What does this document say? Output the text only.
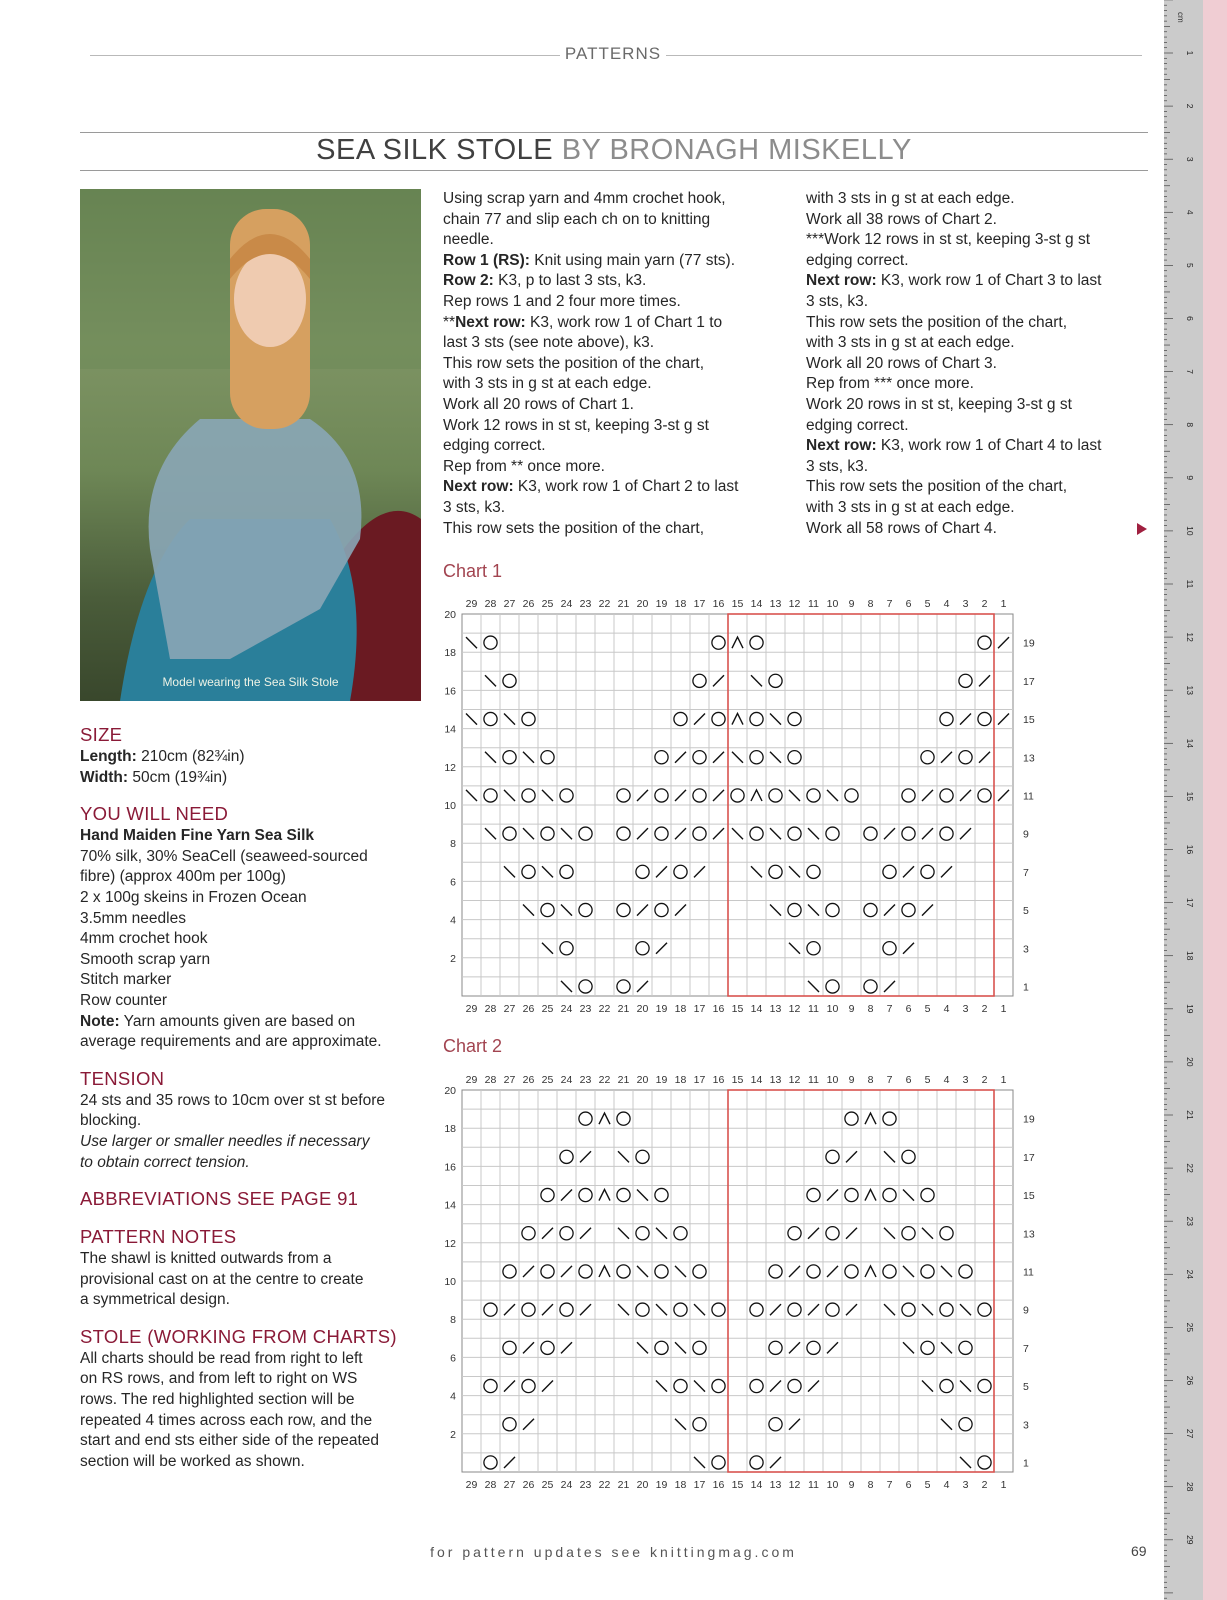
PATTERNS
SEA SILK STOLE BY BRONAGH MISKELLY
Model wearing the Sea Silk Stole
SIZE
Length: 210cm (82¾in)
Width: 50cm (19¾in)
YOU WILL NEED
Hand Maiden Fine Yarn Sea Silk
70% silk, 30% SeaCell (seaweed-sourced
fibre) (approx 400m per 100g)
2 x 100g skeins in Frozen Ocean
3.5mm needles
4mm crochet hook
Smooth scrap yarn
Stitch marker
Row counter
Note: Yarn amounts given are based on
average requirements and are approximate.
TENSION
24 sts and 35 rows to 10cm over st st before
blocking.
Use larger or smaller needles if necessary
to obtain correct tension.
ABBREVIATIONS SEE PAGE 91
PATTERN NOTES
The shawl is knitted outwards from a
provisional cast on at the centre to create
a symmetrical design.
STOLE (WORKING FROM CHARTS)
All charts should be read from right to left
on RS rows, and from left to right on WS
rows. The red highlighted section will be
repeated 4 times across each row, and the
start and end sts either side of the repeated
section will be worked as shown.
Using scrap yarn and 4mm crochet hook,
chain 77 and slip each ch on to knitting
needle.
Row 1 (RS): Knit using main yarn (77 sts).
Row 2: K3, p to last 3 sts, k3.
Rep rows 1 and 2 four more times.
**Next row: K3, work row 1 of Chart 1 to
last 3 sts (see note above), k3.
This row sets the position of the chart,
with 3 sts in g st at each edge.
Work all 20 rows of Chart 1.
Work 12 rows in st st, keeping 3-st g st
edging correct.
Rep from ** once more.
Next row: K3, work row 1 of Chart 2 to last
3 sts, k3.
This row sets the position of the chart,
with 3 sts in g st at each edge.
Work all 38 rows of Chart 2.
***Work 12 rows in st st, keeping 3-st g st
edging correct.
Next row: K3, work row 1 of Chart 3 to last
3 sts, k3.
This row sets the position of the chart,
with 3 sts in g st at each edge.
Work all 20 rows of Chart 3.
Rep from *** once more.
Work 20 rows in st st, keeping 3-st g st
edging correct.
Next row: K3, work row 1 of Chart 4 to last
3 sts, k3.
This row sets the position of the chart,
with 3 sts in g st at each edge.
Work all 58 rows of Chart 4.
Chart 1
29
29
28
28
27
27
26
26
25
25
24
24
23
23
22
22
21
21
20
20
19
19
18
18
17
17
16
16
15
15
14
14
13
13
12
12
11
11
10
10
9
9
8
8
7
7
6
6
5
5
4
4
3
3
2
2
1
1
2
4
6
8
10
12
14
16
18
20
1
3
5
7
9
11
13
15
17
19
Chart 2
29
29
28
28
27
27
26
26
25
25
24
24
23
23
22
22
21
21
20
20
19
19
18
18
17
17
16
16
15
15
14
14
13
13
12
12
11
11
10
10
9
9
8
8
7
7
6
6
5
5
4
4
3
3
2
2
1
1
2
4
6
8
10
12
14
16
18
20
1
3
5
7
9
11
13
15
17
19
cm
1
2
3
4
5
6
7
8
9
10
11
12
13
14
15
16
17
18
19
20
21
22
23
24
25
26
27
28
29
for pattern updates see knittingmag.com	69
